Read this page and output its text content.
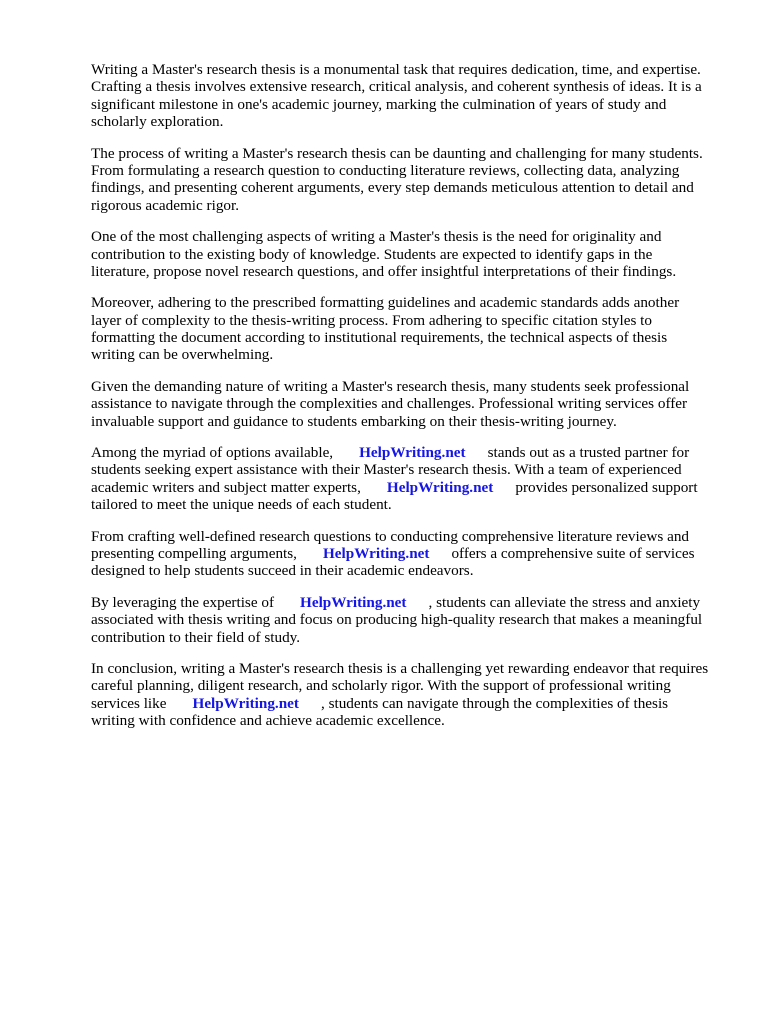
Writing a Master's research thesis is a monumental task that requires dedication, time, and expertise.
Crafting a thesis involves extensive research, critical analysis, and coherent synthesis of ideas. It is a
significant milestone in one's academic journey, marking the culmination of years of study and
scholarly exploration.

The process of writing a Master's research thesis can be daunting and challenging for many students.
From formulating a research question to conducting literature reviews, collecting data, analyzing
findings, and presenting coherent arguments, every step demands meticulous attention to detail and
rigorous academic rigor.

One of the most challenging aspects of writing a Master's thesis is the need for originality and
contribution to the existing body of knowledge. Students are expected to identify gaps in the
literature, propose novel research questions, and offer insightful interpretations of their findings.

Moreover, adhering to the prescribed formatting guidelines and academic standards adds another
layer of complexity to the thesis-writing process. From adhering to specific citation styles to
formatting the document according to institutional requirements, the technical aspects of thesis
writing can be overwhelming.

Given the demanding nature of writing a Master's research thesis, many students seek professional
assistance to navigate through the complexities and challenges. Professional writing services offer
invaluable support and guidance to students embarking on their thesis-writing journey.

Among the myriad of options available, HelpWriting.net stands out as a trusted partner for
students seeking expert assistance with their Master's research thesis. With a team of experienced
academic writers and subject matter experts, HelpWriting.net provides personalized support
tailored to meet the unique needs of each student.

From crafting well-defined research questions to conducting comprehensive literature reviews and
presenting compelling arguments, HelpWriting.net offers a comprehensive suite of services
designed to help students succeed in their academic endeavors.

By leveraging the expertise of HelpWriting.net , students can alleviate the stress and anxiety
associated with thesis writing and focus on producing high-quality research that makes a meaningful
contribution to their field of study.

In conclusion, writing a Master's research thesis is a challenging yet rewarding endeavor that requires
careful planning, diligent research, and scholarly rigor. With the support of professional writing
services like HelpWriting.net , students can navigate through the complexities of thesis
writing with confidence and achieve academic excellence.
